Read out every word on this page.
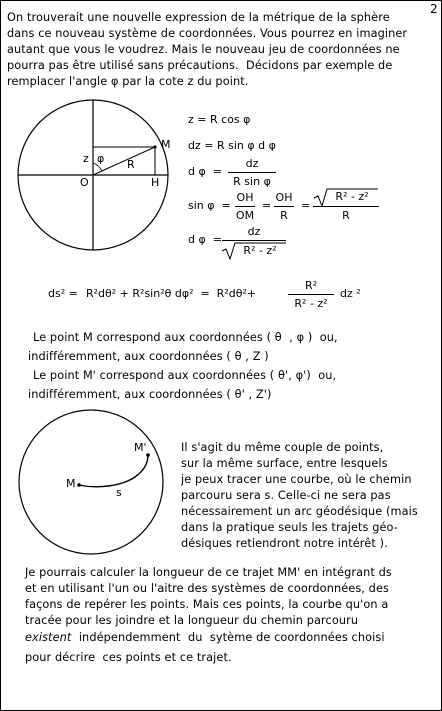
2
On trouverait une nouvelle expression de la métrique de la sphère
dans ce nouveau système de coordonnées. Vous pourrez en imaginer
autant que vous le voudrez. Mais le nouveau jeu de coordonnées ne
pourra pas être utilisé sans précautions.  Décidons par exemple de
remplacer l'angle φ par la cote z du point.
M
z φ R
O	H
z = R cos φ
dz = R sin φ d φ
d φ  =
dz
R sin φ
sin φ  =
OH
OM
=
OH
R
=
R² - z²
R
d φ  =
dz
R² - z²
ds² = R²dθ² + R²sin²θ dφ²  =  R²dθ²+
R²
R² - z²
dz ²
Le point M correspond aux coordonnées ( θ  , φ )  ou,
indifféremment, aux coordonnées ( θ , Z )
Le point M' correspond aux coordonnées ( θ', φ')  ou,
indifféremment, aux coordonnées ( θ' , Z')
M'
M
s
Il s'agit du même couple de points,
sur la même surface, entre lesquels
je peux tracer une courbe, où le chemin
parcouru sera s. Celle-ci ne sera pas
nécessairement un arc géodésique (mais
dans la pratique seuls les trajets géo-
désiques retiendront notre intérêt ).
Je pourrais calculer la longueur de ce trajet MM' en intégrant ds
et en utilisant l'un ou l'aitre des systèmes de coordonnées, des
façons de repérer les points. Mais ces points, la courbe qu'on a
tracée pour les joindre et la longueur du chemin parcouru
existent  indépendemment  du  sytème de coordonnées choisi
pour décrire  ces points et ce trajet.
